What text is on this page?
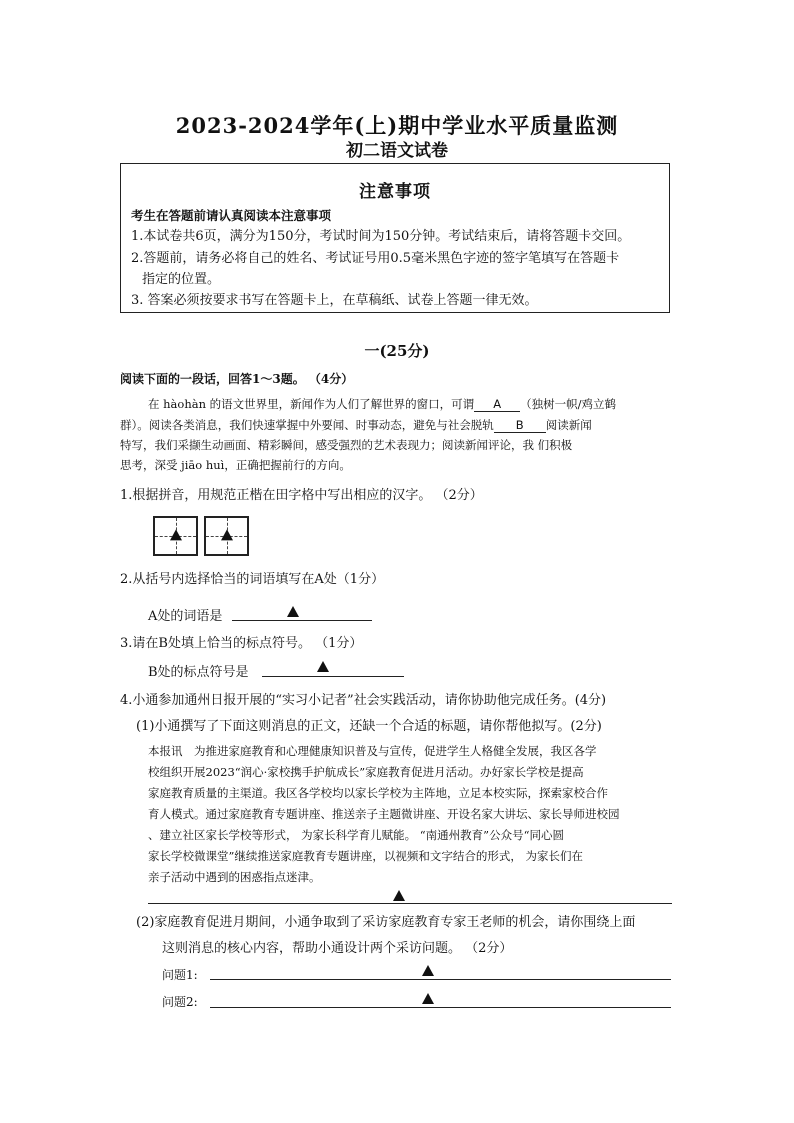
2023-2024学年(上)期中学业水平质量监测
初二语文试卷
注意事项
考生在答题前请认真阅读本注意事项
1.本试卷共6页，满分为150分，考试时间为150分钟。考试结束后，请将答题卡交回。
2.答题前，请务必将自己的姓名、考试证号用0.5毫米黑色字迹的签字笔填写在答题卡
指定的位置。
3. 答案必须按要求书写在答题卡上，在草稿纸、试卷上答题一律无效。
一(25分)
阅读下面的一段话，回答1～3题。 （4分）
在 hàohàn 的语文世界里，新闻作为人们了解世界的窗口，可谓 A （独树一帜/鸡立鹤
群）。阅读各类消息，我们快速掌握中外要闻、时事动态，避免与社会脱轨 B 阅读新闻
特写，我们采撷生动画面、精彩瞬间，感受强烈的艺术表现力；阅读新闻评论，我 们积极
思考，深受 jiāo huì，正确把握前行的方向。
1.根据拼音，用规范正楷在田字格中写出相应的汉字。 （2分）
2.从括号内选择恰当的词语填写在A处（1分）
A处的词语是
3.请在B处填上恰当的标点符号。 （1分）
B处的标点符号是
4.小通参加通州日报开展的“实习小记者”社会实践活动，请你协助他完成任务。(4分)
(1)小通撰写了下面这则消息的正文，还缺一个合适的标题，请你帮他拟写。(2分)
本报讯　为推进家庭教育和心理健康知识普及与宣传，促进学生人格健全发展，我区各学
校组织开展2023“润心·家校携手护航成长”家庭教育促进月活动。办好家长学校是提高
家庭教育质量的主渠道。我区各学校均以家长学校为主阵地，立足本校实际，探索家校合作
育人模式。通过家庭教育专题讲座、推送亲子主题微讲座、开设名家大讲坛、家长导师进校园
、建立社区家长学校等形式， 为家长科学育儿赋能。 “南通州教育”公众号“同心圆
家长学校微课堂”继续推送家庭教育专题讲座，以视频和文字结合的形式， 为家长们在
亲子活动中遇到的困惑指点迷津。
(2)家庭教育促进月期间，小通争取到了采访家庭教育专家王老师的机会，请你围绕上面
这则消息的核心内容，帮助小通设计两个采访问题。 （2分）
问题1:
问题2:
